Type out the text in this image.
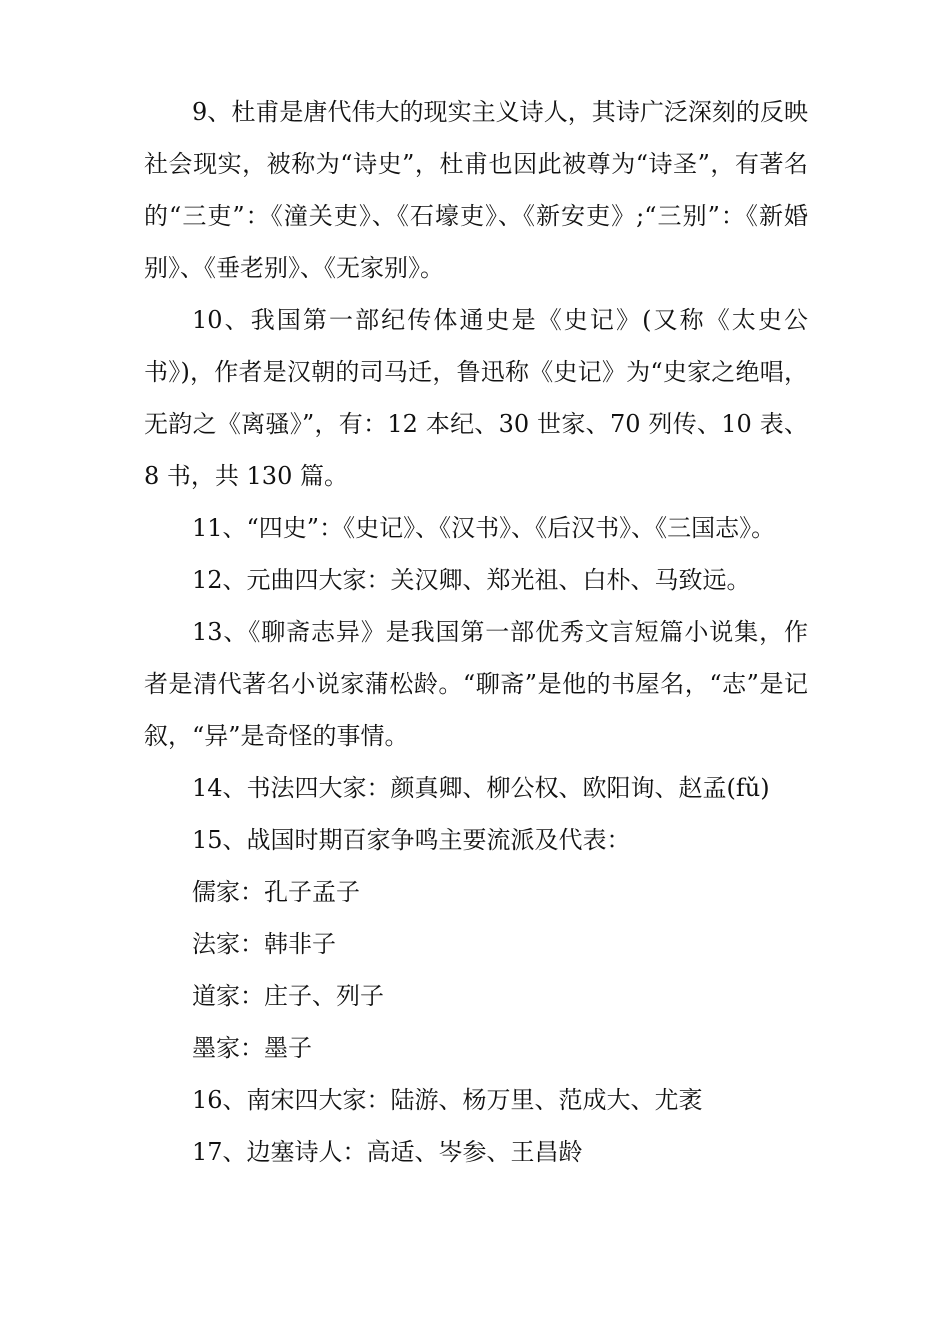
9、杜甫是唐代伟大的现实主义诗人，其诗广泛深刻的反映社会现实，被称为“诗史”，杜甫也因此被尊为“诗圣”，有著名的“三吏”：《潼关吏》、《石壕吏》、《新安吏》;“三别”：《新婚别》、《垂老别》、《无家别》。

10、我国第一部纪传体通史是《史记》(又称《太史公书》)，作者是汉朝的司马迁，鲁迅称《史记》为“史家之绝唱，无韵之《离骚》”，有：12 本纪、30 世家、70 列传、10 表、8 书，共 130 篇。

11、“四史”：《史记》、《汉书》、《后汉书》、《三国志》。

12、元曲四大家：关汉卿、郑光祖、白朴、马致远。

13、《聊斋志异》是我国第一部优秀文言短篇小说集，作者是清代著名小说家蒲松龄。“聊斋”是他的书屋名，“志”是记叙，“异”是奇怪的事情。

14、书法四大家：颜真卿、柳公权、欧阳询、赵孟(fǔ)

15、战国时期百家争鸣主要流派及代表：

儒家：孔子孟子

法家：韩非子

道家：庄子、列子

墨家：墨子

16、南宋四大家：陆游、杨万里、范成大、尤袤

17、边塞诗人：高适、岑参、王昌龄
